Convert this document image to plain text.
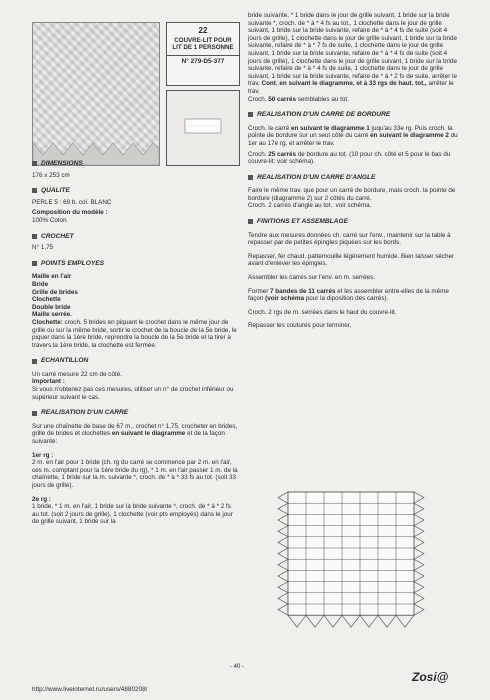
22
COUVRE-LIT POUR LIT DE 1 PERSONNE
N° 279-D5-377
DIMENSIONS

176 x 253 cm

QUALITE

PERLE 5 : 69 b. col. BLANC

Composition du modèle :

100% Coton

CROCHET

N° 1,75

POINTS EMPLOYES
Maille en l'air
Bride
Grille de brides
Clochette
Double bride
Maille serrée.

Clochette: croch. 5 brides en piquant le crochet dans le même jour de grille ou sur la même bride, sortir le crochet de la boucle de la 5e bride, le piquer dans la 1ère bride, reprendre la boucle de la 5e bride et la tirer à travers la 1ère bride, la clochette est fermée.

ECHANTILLON

Un carré mesure 22 cm de côté.

Important :

Si vous n'obtenez pas ces mesures, utiliser un n° de crochet inférieur ou supérieur suivant le cas.

REALISATION D'UN CARRE

Sur une chaînette de base de 67 m., crochet n° 1,75, crocheter en brides, grille de brides et clochettes en suivant le diagramme et de la façon suivante:

1er rg :

2 m. en l'air pour 1 bride (ch. rg du carré se commence par 2 m. en l'air, ces m. comptant pour la 1ère bride du rg), * 1 m. en l'air passer 1 m. de la chaînette, 1 bride sur la m. suivante *, croch. de * à * 33 fs au tot. (soit 33 jours de grille).

2e rg :

1 bride, * 1 m. en l'air, 1 bride sur la bride suivante *, croch. de * à * 2 fs au tot. (soit 2 jours de grille), 1 clochette (voir pts employés) dans le jour de grille suivant, 1 bride sur la

bride suivante, * 1 bride dans le jour de grille suivant, 1 bride sur la bride suivante *, croch. de * à * 4 fs au tot., 1 clochette dans le jour de grille suivant, 1 bride sur la bride suivante, refaire de * à * 4 fs de suite (soit 4 jours de grille), 1 clochette dans le jour de grille suivant, 1 bride sur la bride suivante, refaire de * à * 7 fs de suite, 1 clochette dans le jour de grille suivant, 1 bride sur la bride suivante, refaire de * à * 4 fs de suite (soit 4 jours de grille), 1 clochette dans le jour de grille suivant, 1 bride sur la bride suivante, refaire de * à * 4 fs de suite, 1 clochette dans le jour de grille suivant, 1 bride sur la bride suivante, refaire de * à * 2 fs de suite, arrêter le trav. Cont. en suivant le diagramme, et à 33 rgs de haut. tot., arrêter le trav.

Croch. 50 carrés semblables au tot.

REALISATION D'UN CARRE DE BORDURE

Croch. le carré en suivant le diagramme 1 juqu'au 33e rg. Puis croch. la pointe de bordure sur un seul côté du carré en suivant le diagramme 2 du 1er au 17e rg, et arrêter le trav.

Croch. 25 carrés de bordure au tot. (10 pour ch. côté et 5 pour le bas du couvre-lit: voir schéma).

REALISATION D'UN CARRE D'ANGLE

Faire le même trav. que pour un carré de bordure, mais croch. la pointe de bordure (diagramme 2) sur 2 côtés du carré.

Croch. 2 carrés d'angle au tot.: voir schéma.

FINITIONS ET ASSEMBLAGE

Tendre aux mesures données ch. carré sur l'env., maintenir sur la table à repasser par de petites épingles piquées sur les bords.

Repasser, fer chaud, pattemouille légèrement humide. Bien laisser sécher avant d'enlever les épingles.

Assembler les carrés sur l'env. en m. serrées.

Former 7 bandes de 11 carrés et les assembler entre-elles de la même façon (voir schéma pour la diposition des carrés).

Croch. 2 rgs de m. serrées dans le haut du couvre-lit.

Repasser les coutures pour terminer.

- 40 -
http://www.liveinternet.ru/users/4880208/
Zosi@
